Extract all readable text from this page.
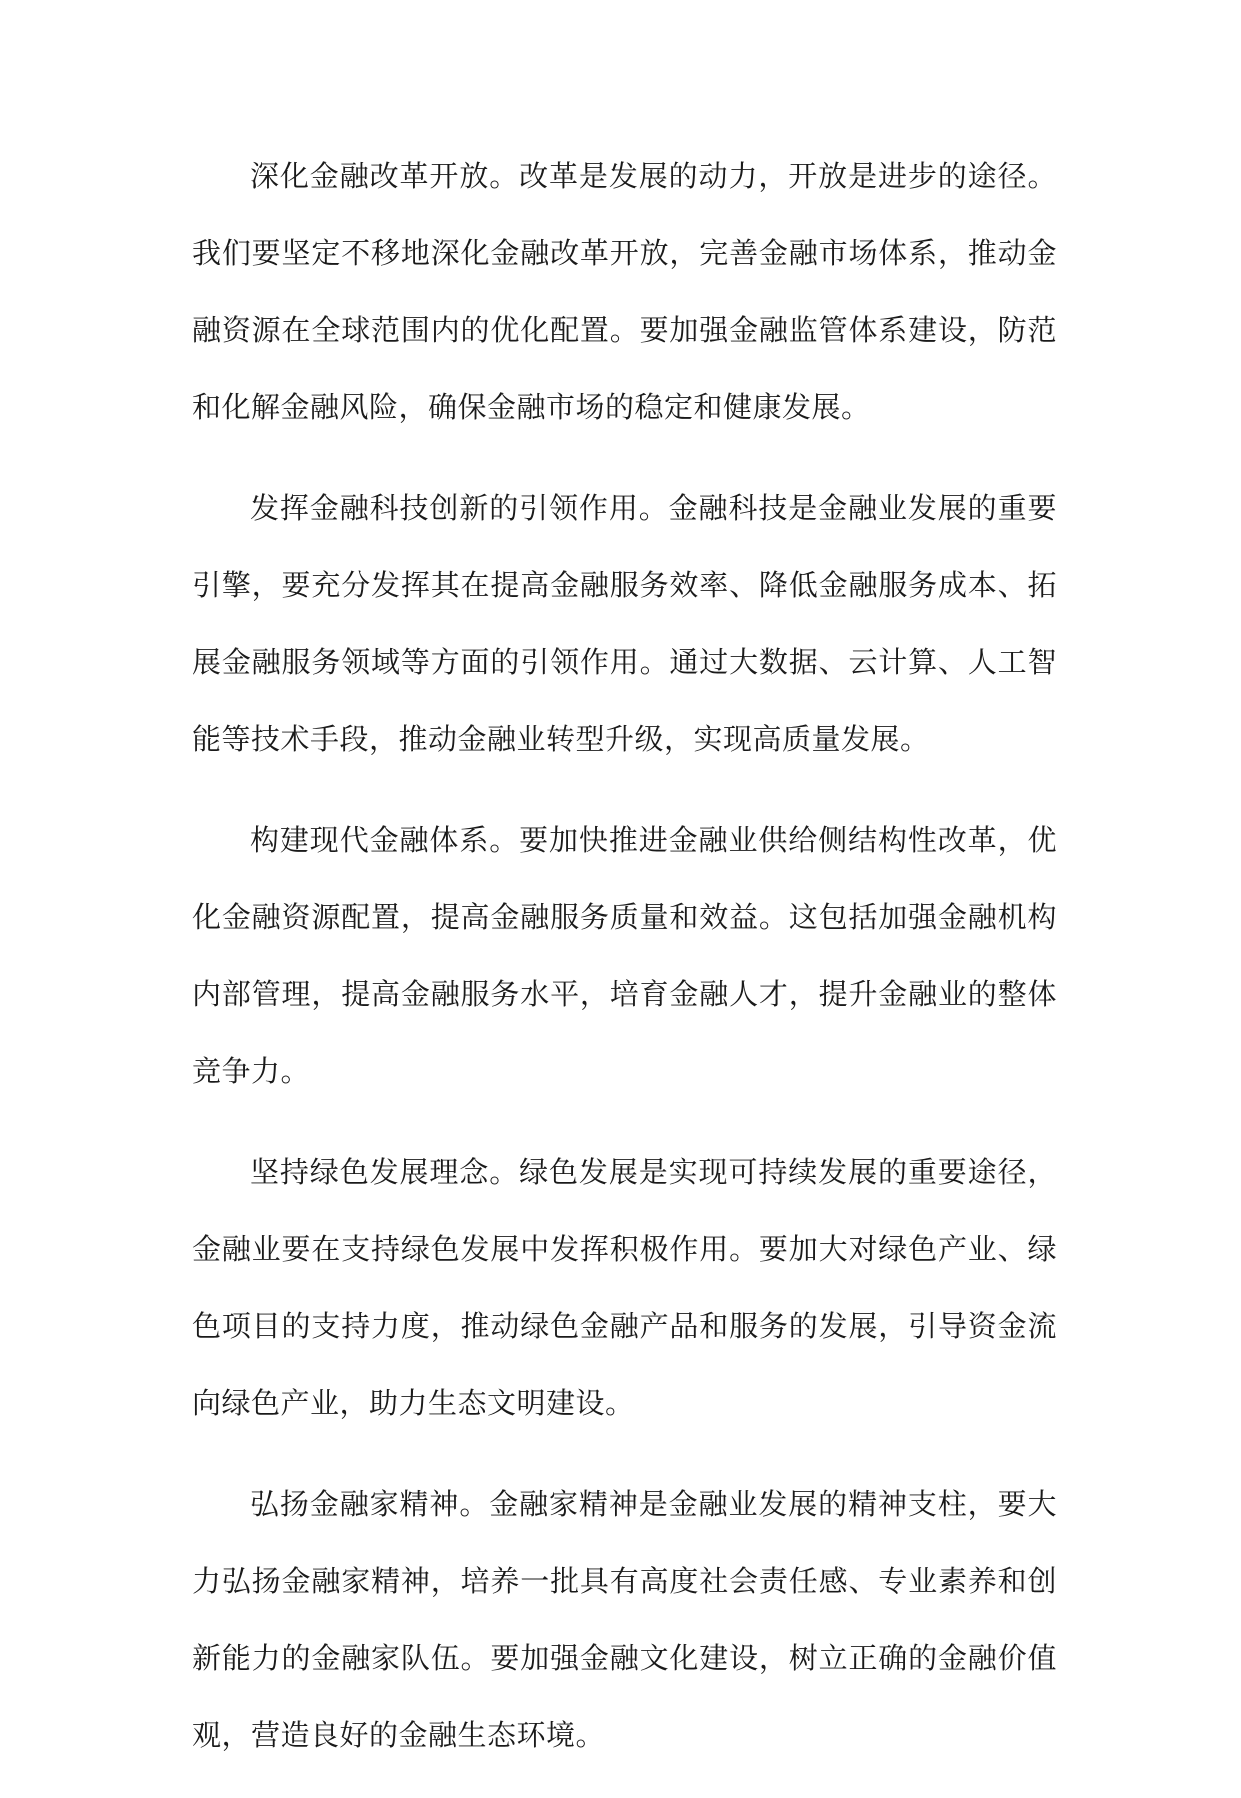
深化金融改革开放。改革是发展的动力，开放是进步的途径。我们要坚定不移地深化金融改革开放，完善金融市场体系，推动金融资源在全球范围内的优化配置。要加强金融监管体系建设，防范和化解金融风险，确保金融市场的稳定和健康发展。

发挥金融科技创新的引领作用。金融科技是金融业发展的重要引擎，要充分发挥其在提高金融服务效率、降低金融服务成本、拓展金融服务领域等方面的引领作用。通过大数据、云计算、人工智能等技术手段，推动金融业转型升级，实现高质量发展。

构建现代金融体系。要加快推进金融业供给侧结构性改革，优化金融资源配置，提高金融服务质量和效益。这包括加强金融机构内部管理，提高金融服务水平，培育金融人才，提升金融业的整体竞争力。

坚持绿色发展理念。绿色发展是实现可持续发展的重要途径，金融业要在支持绿色发展中发挥积极作用。要加大对绿色产业、绿色项目的支持力度，推动绿色金融产品和服务的发展，引导资金流向绿色产业，助力生态文明建设。

弘扬金融家精神。金融家精神是金融业发展的精神支柱，要大力弘扬金融家精神，培养一批具有高度社会责任感、专业素养和创新能力的金融家队伍。要加强金融文化建设，树立正确的金融价值观，营造良好的金融生态环境。
